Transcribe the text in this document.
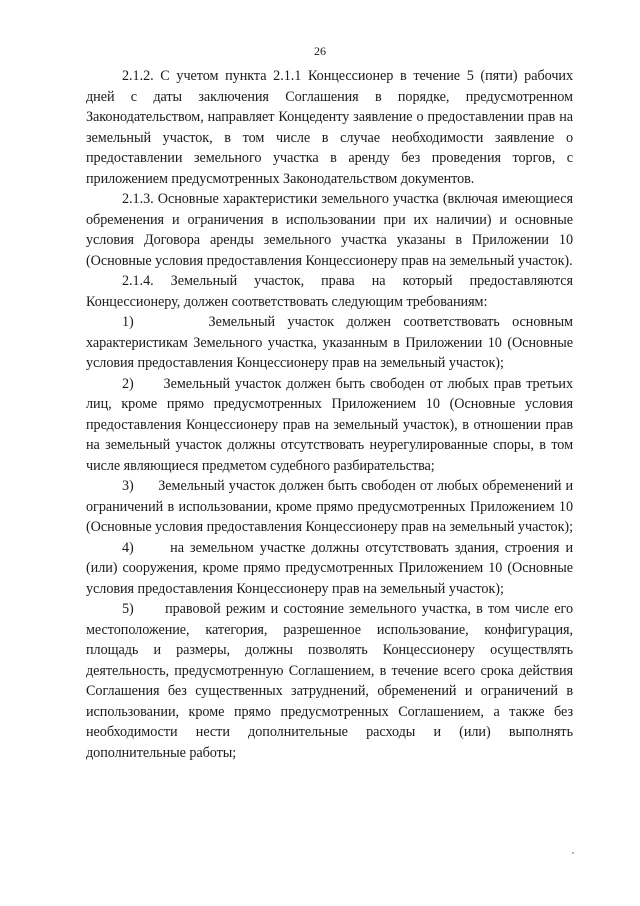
26

2.1.2. С учетом пункта 2.1.1 Концессионер в течение 5 (пяти) рабочих дней с даты заключения Соглашения в порядке, предусмотренном Законодательством, направляет Концеденту заявление о предоставлении прав на земельный участок, в том числе в случае необходимости заявление о предоставлении земельного участка в аренду без проведения торгов, с приложением предусмотренных Законодательством документов.

2.1.3. Основные характеристики земельного участка (включая имеющиеся обременения и ограничения в использовании при их наличии) и основные условия Договора аренды земельного участка указаны в Приложении 10 (Основные условия предоставления Концессионеру прав на земельный участок).

2.1.4. Земельный участок, права на который предоставляются Концессионеру, должен соответствовать следующим требованиям:

1)      Земельный участок должен соответствовать основным характеристикам Земельного участка, указанным в Приложении 10 (Основные условия предоставления Концессионеру прав на земельный участок);

2)      Земельный участок должен быть свободен от любых прав третьих лиц, кроме прямо предусмотренных Приложением 10 (Основные условия предоставления Концессионеру прав на земельный участок), в отношении прав на земельный участок должны отсутствовать неурегулированные споры, в том числе являющиеся предметом судебного разбирательства;

3)      Земельный участок должен быть свободен от любых обременений и ограничений в использовании, кроме прямо предусмотренных Приложением 10 (Основные условия предоставления Концессионеру прав на земельный участок);

4)      на земельном участке должны отсутствовать здания, строения и (или) сооружения, кроме прямо предусмотренных Приложением 10 (Основные условия предоставления Концессионеру прав на земельный участок);

5)      правовой режим и состояние земельного участка, в том числе его местоположение, категория, разрешенное использование, конфигурация, площадь и размеры, должны позволять Концессионеру осуществлять деятельность, предусмотренную Соглашением, в течение всего срока действия Соглашения без существенных затруднений, обременений и ограничений в использовании, кроме прямо предусмотренных Соглашением, а также без необходимости нести дополнительные расходы и (или) выполнять дополнительные работы;
